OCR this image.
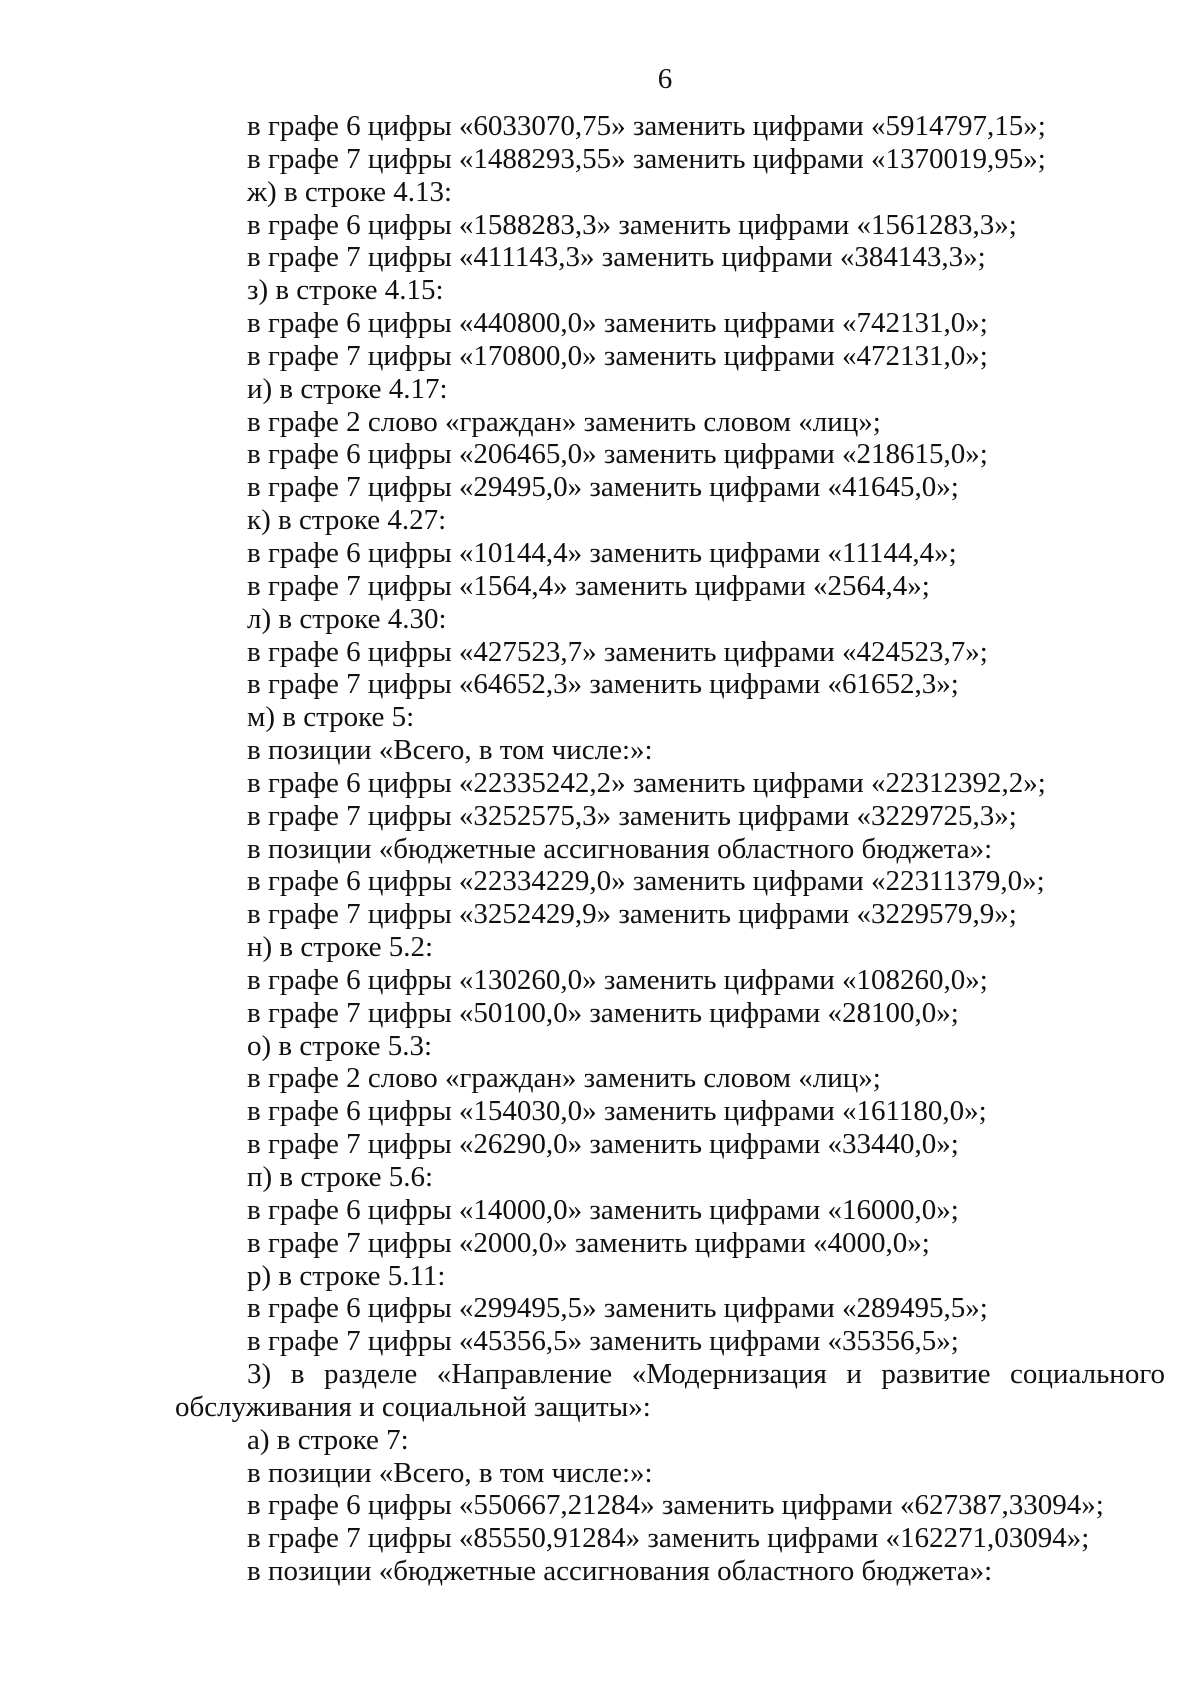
6
в графе 6 цифры «6033070,75» заменить цифрами «5914797,15»;
в графе 7 цифры «1488293,55» заменить цифрами «1370019,95»;
ж) в строке 4.13:
в графе 6 цифры «1588283,3» заменить цифрами «1561283,3»;
в графе 7 цифры «411143,3» заменить цифрами «384143,3»;
з) в строке 4.15:
в графе 6 цифры «440800,0» заменить цифрами «742131,0»;
в графе 7 цифры «170800,0» заменить цифрами «472131,0»;
и) в строке 4.17:
в графе 2 слово «граждан» заменить словом «лиц»;
в графе 6 цифры «206465,0» заменить цифрами «218615,0»;
в графе 7 цифры «29495,0» заменить цифрами «41645,0»;
к) в строке 4.27:
в графе 6 цифры «10144,4» заменить цифрами «11144,4»;
в графе 7 цифры «1564,4» заменить цифрами «2564,4»;
л) в строке 4.30:
в графе 6 цифры «427523,7» заменить цифрами «424523,7»;
в графе 7 цифры «64652,3» заменить цифрами «61652,3»;
м) в строке 5:
в позиции «Всего, в том числе:»:
в графе 6 цифры «22335242,2» заменить цифрами «22312392,2»;
в графе 7 цифры «3252575,3» заменить цифрами «3229725,3»;
в позиции «бюджетные ассигнования областного бюджета»:
в графе 6 цифры «22334229,0» заменить цифрами «22311379,0»;
в графе 7 цифры «3252429,9» заменить цифрами «3229579,9»;
н) в строке 5.2:
в графе 6 цифры «130260,0» заменить цифрами «108260,0»;
в графе 7 цифры «50100,0» заменить цифрами «28100,0»;
о) в строке 5.3:
в графе 2 слово «граждан» заменить словом «лиц»;
в графе 6 цифры «154030,0» заменить цифрами «161180,0»;
в графе 7 цифры «26290,0» заменить цифрами «33440,0»;
п) в строке 5.6:
в графе 6 цифры «14000,0» заменить цифрами «16000,0»;
в графе 7 цифры «2000,0» заменить цифрами «4000,0»;
р) в строке 5.11:
в графе 6 цифры «299495,5» заменить цифрами «289495,5»;
в графе 7 цифры «45356,5» заменить цифрами «35356,5»;
3) в разделе «Направление «Модернизация и развитие социального
обслуживания и социальной защиты»:
а) в строке 7:
в позиции «Всего, в том числе:»:
в графе 6 цифры «550667,21284» заменить цифрами «627387,33094»;
в графе 7 цифры «85550,91284» заменить цифрами «162271,03094»;
в позиции «бюджетные ассигнования областного бюджета»:
